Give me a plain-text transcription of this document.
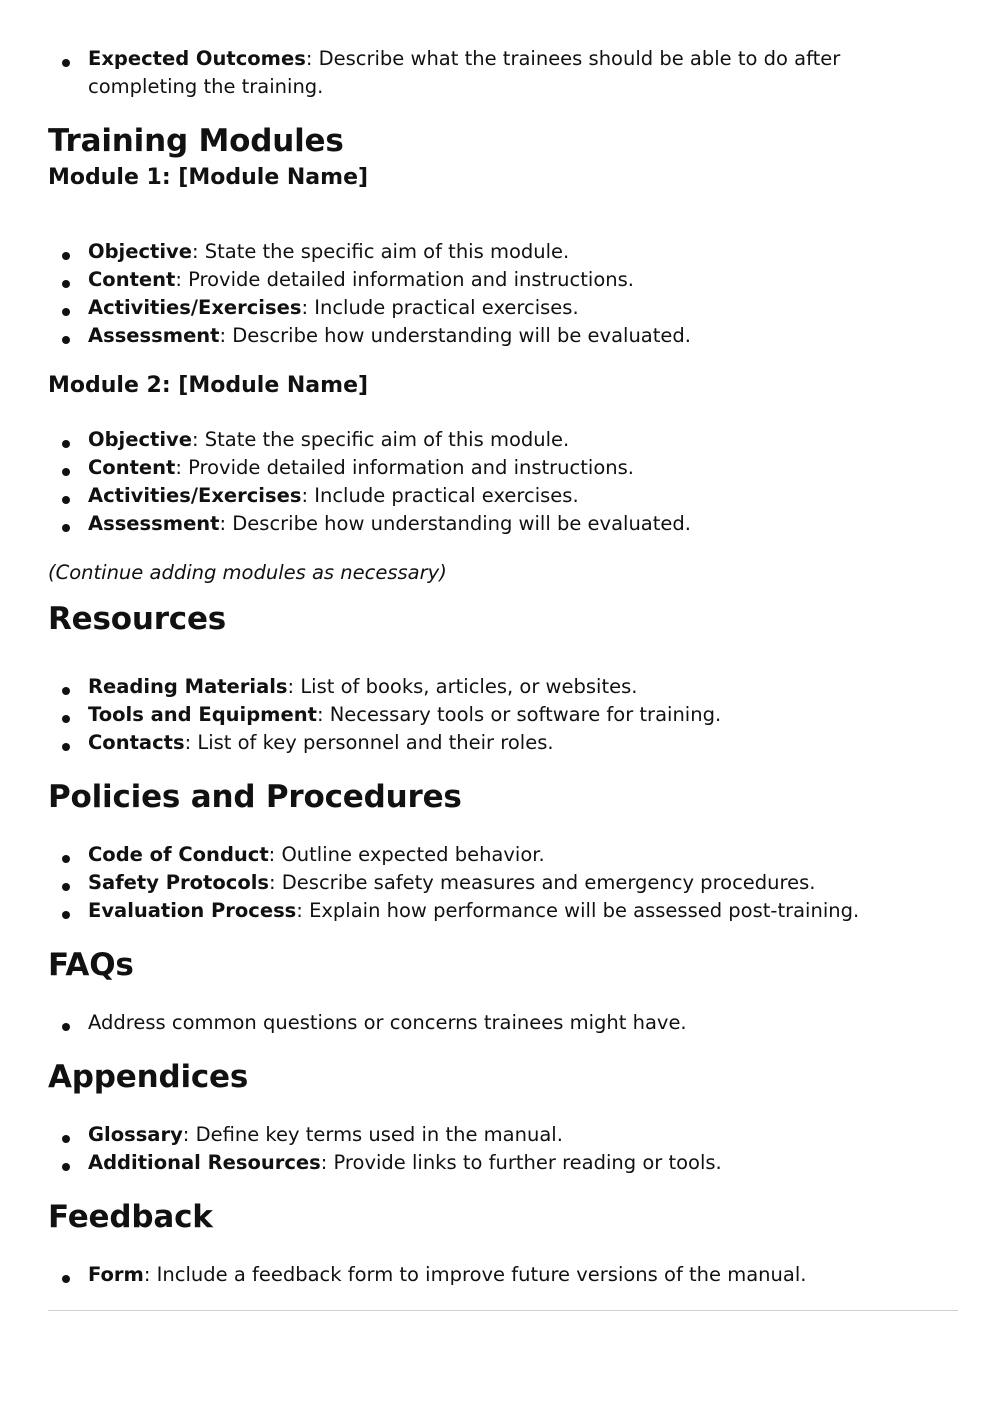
Expected Outcomes: Describe what the trainees should be able to do after completing the training.
Training Modules
Module 1: [Module Name]
Objective: State the specific aim of this module.
Content: Provide detailed information and instructions.
Activities/Exercises: Include practical exercises.
Assessment: Describe how understanding will be evaluated.
Module 2: [Module Name]
Objective: State the specific aim of this module.
Content: Provide detailed information and instructions.
Activities/Exercises: Include practical exercises.
Assessment: Describe how understanding will be evaluated.
(Continue adding modules as necessary)
Resources
Reading Materials: List of books, articles, or websites.
Tools and Equipment: Necessary tools or software for training.
Contacts: List of key personnel and their roles.
Policies and Procedures
Code of Conduct: Outline expected behavior.
Safety Protocols: Describe safety measures and emergency procedures.
Evaluation Process: Explain how performance will be assessed post-training.
FAQs
Address common questions or concerns trainees might have.
Appendices
Glossary: Define key terms used in the manual.
Additional Resources: Provide links to further reading or tools.
Feedback
Form: Include a feedback form to improve future versions of the manual.
